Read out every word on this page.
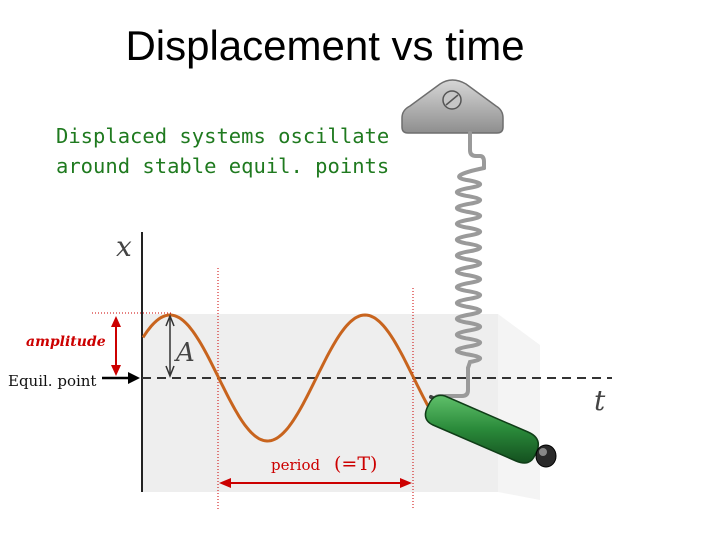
Displacement vs time
Displaced systems oscillate
around stable equil. points
x
t
A
amplitude
Equil. point
period (=T)
